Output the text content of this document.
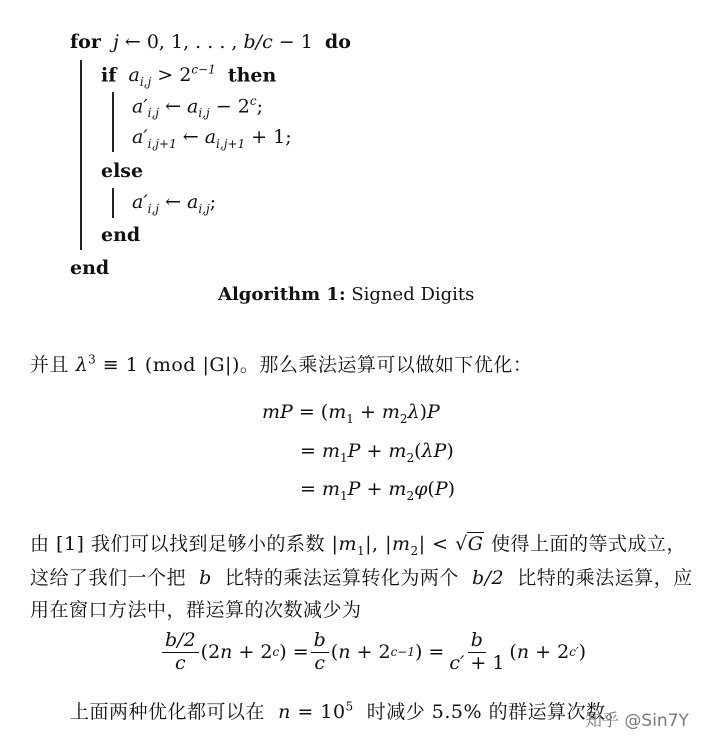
for  j ← 0, 1, . . . , b/c − 1 do
if  $a_{i,j} > 2^{c-1}$ then
$a'_{i,j}$ ← $a_{i,j} - 2^c$;
$a'_{i,j+1}$ ← $a_{i,j+1} + 1$;
else
$a'_{i,j}$ ← $a_{i,j}$;
end
end
Algorithm 1: Signed Digits
并且 $\lambda^3 \equiv 1$ (mod |G|)。那么乘法运算可以做如下优化：
mP = $(m_1 + m_2\lambda)P$
= $m_1P + m_2(\lambda P)$
= $m_1P + m_2\varphi(P)$
由 [1] 我们可以找到足够小的系数 $|m_1|$, $|m_2| < √G$ 使得上面的等式成立，
这给了我们一个把  b  比特的乘法运算转化为两个  b/2  比特的乘法运算，应
用在窗口方法中，群运算的次数减少为
$\frac{b/2}{c} (2$ n + 2 c ) = $\frac{b}{c}$ ( n + 2 c−1 ) = $\frac{b}{c' + 1}$ ( n + 2 c′ )
上面两种优化都可以在  $n = 10^5$ 时减少 5.5% 的群运算次数。
知乎 @Sin7Y
